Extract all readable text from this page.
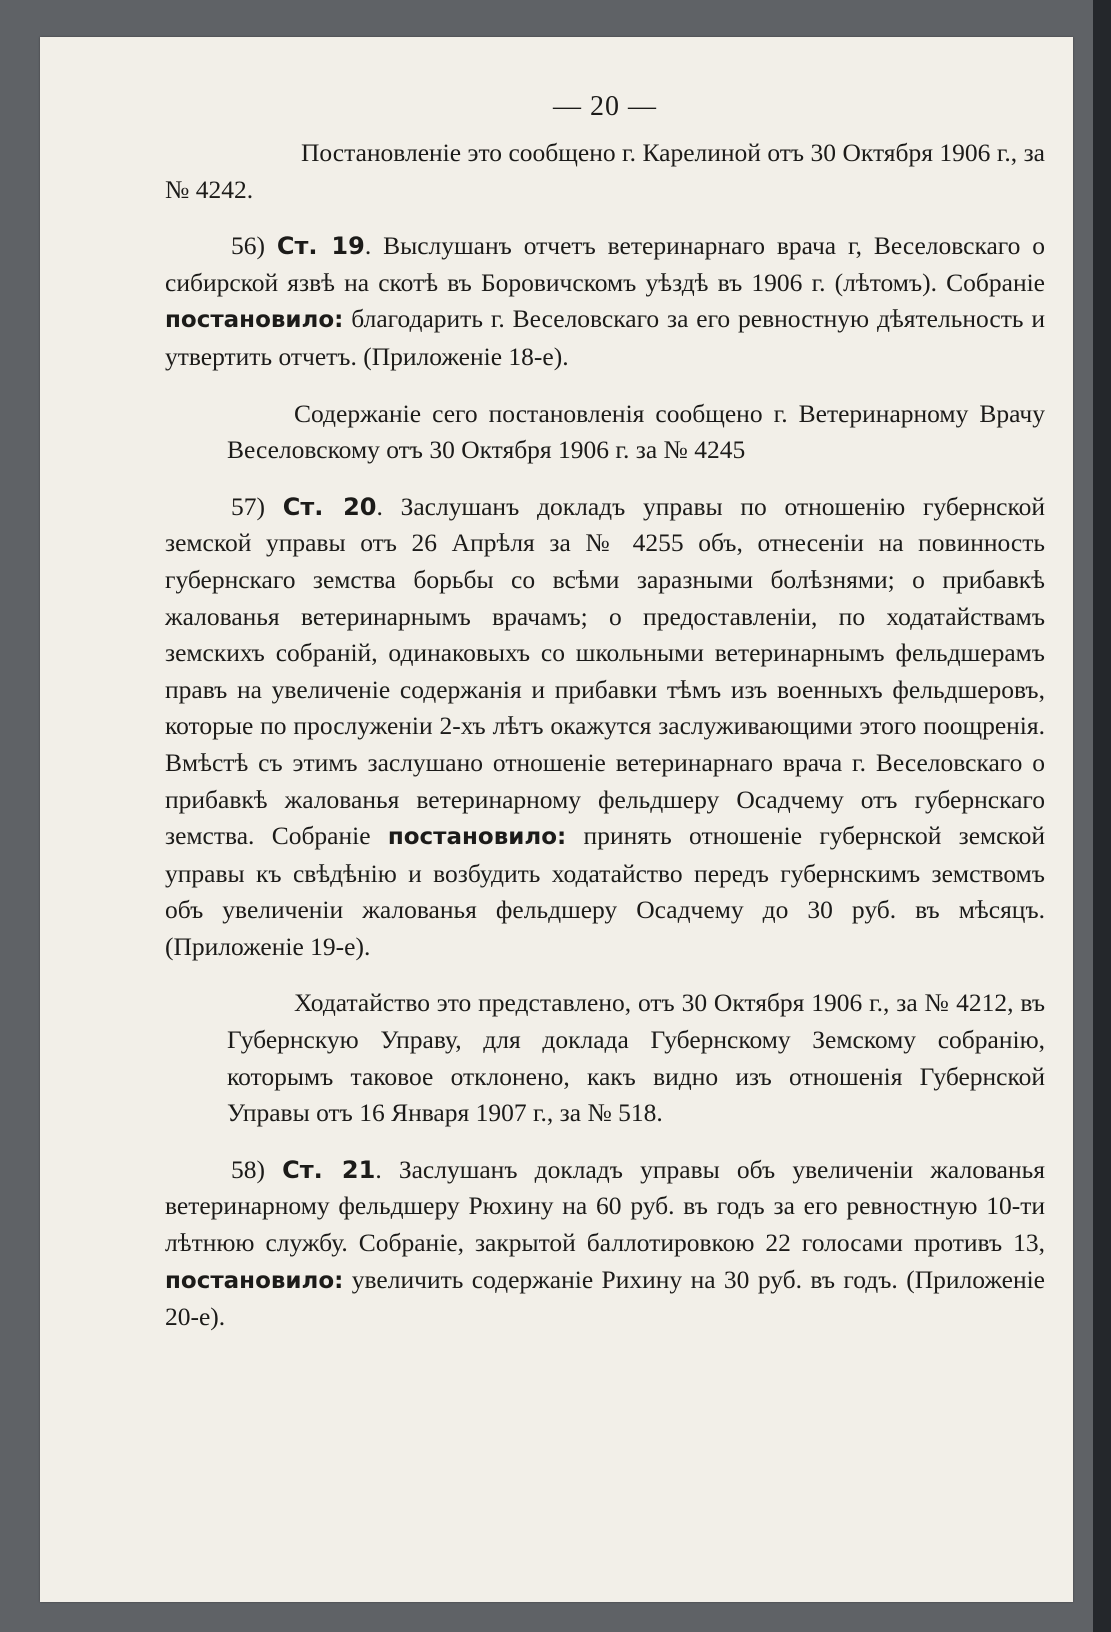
— 20 —

Постановленіе это сообщено г. Карелиной отъ 30 Октября 1906 г., за № 4242.

56) Ст. 19. Выслушанъ отчетъ ветеринарнаго врача г, Веселовскаго о сибирской язвѣ на скотѣ въ Боровичскомъ уѣздѣ въ 1906 г. (лѣтомъ). Собраніе постановило: благодарить г. Веселовскаго за его ревностную дѣятельность и утвертить отчетъ. (Приложеніе 18-е).

Содержаніе сего постановленія сообщено г. Ветеринарному Врачу Веселовскому отъ 30 Октября 1906 г. за № 4245

57) Ст. 20. Заслушанъ докладъ управы по отношенію губернской земской управы отъ 26 Апрѣля за № 4255 объ, отнесеніи на повинность губернскаго земства борьбы со всѣми заразными болѣзнями; о прибавкѣ жалованья ветеринарнымъ врачамъ; о предоставленіи, по ходатайствамъ земскихъ собраній, одинаковыхъ со школьными ветеринарнымъ фельдшерамъ правъ на увеличеніе содержанія и прибавки тѣмъ изъ военныхъ фельдшеровъ, которые по прослуженіи 2-хъ лѣтъ окажутся заслуживающими этого поощренія. Вмѣстѣ съ этимъ заслушано отношеніе ветеринарнаго врача г. Веселовскаго о прибавкѣ жалованья ветеринарному фельдшеру Осадчему отъ губернскаго земства. Собраніе постановило: принять отношеніе губернской земской управы къ свѣдѣнію и возбудить ходатайство передъ губернскимъ земствомъ объ увеличеніи жалованья фельдшеру Осадчему до 30 руб. въ мѣсяцъ. (Приложеніе 19-е).

Ходатайство это представлено, отъ 30 Октября 1906 г., за № 4212, въ Губернскую Управу, для доклада Губернскому Земскому собранію, которымъ таковое отклонено, какъ видно изъ отношенія Губернской Управы отъ 16 Января 1907 г., за № 518.

58) Ст. 21. Заслушанъ докладъ управы объ увеличеніи жалованья ветеринарному фельдшеру Рюхину на 60 руб. въ годъ за его ревностную 10-ти лѣтнюю службу. Собраніе, закрытой баллотировкою 22 голосами противъ 13, постановило: увеличить содержаніе Рихину на 30 руб. въ годъ. (Приложеніе 20-е).
